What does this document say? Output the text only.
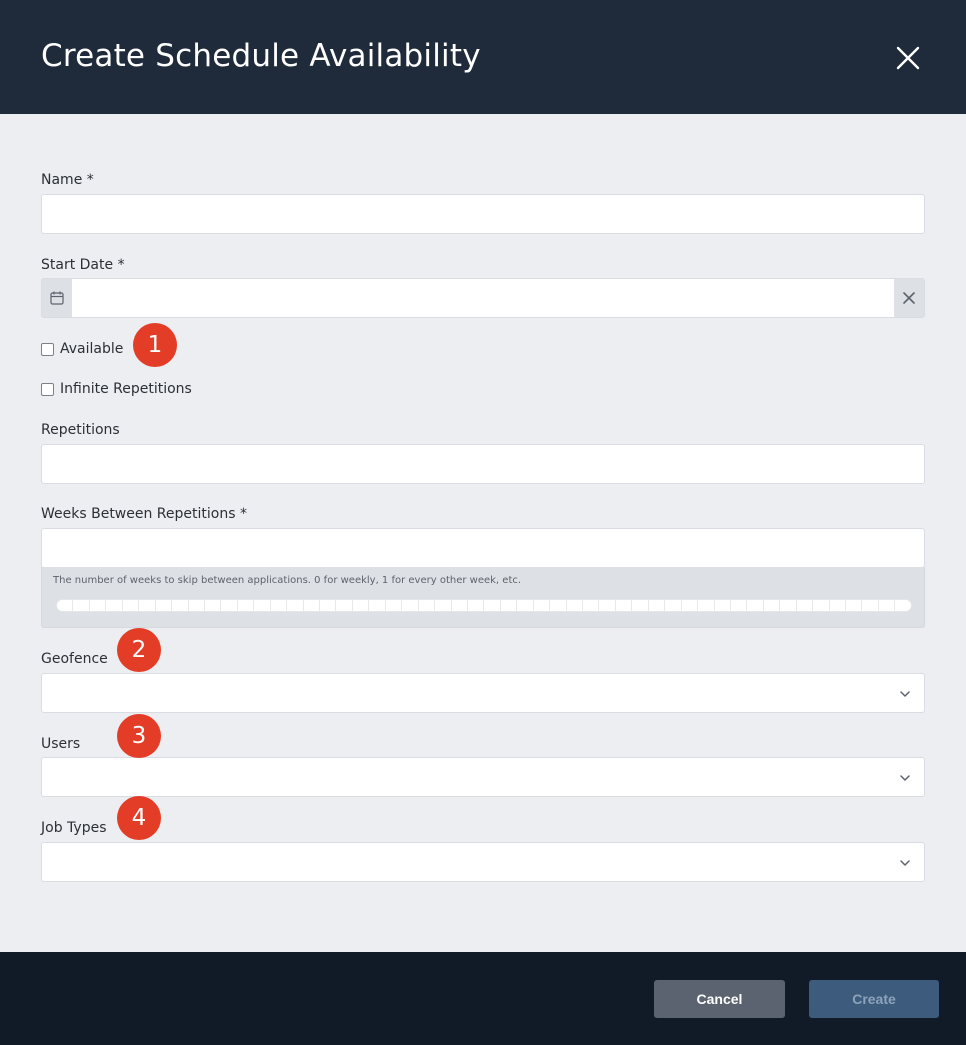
Create Schedule Availability
Name *
Start Date *
Available
Infinite Repetitions
Repetitions
Weeks Between Repetitions *
The number of weeks to skip between applications. 0 for weekly, 1 for every other week, etc.
Geofence
Users
Job Types
1
2
3
4
Cancel	Create
